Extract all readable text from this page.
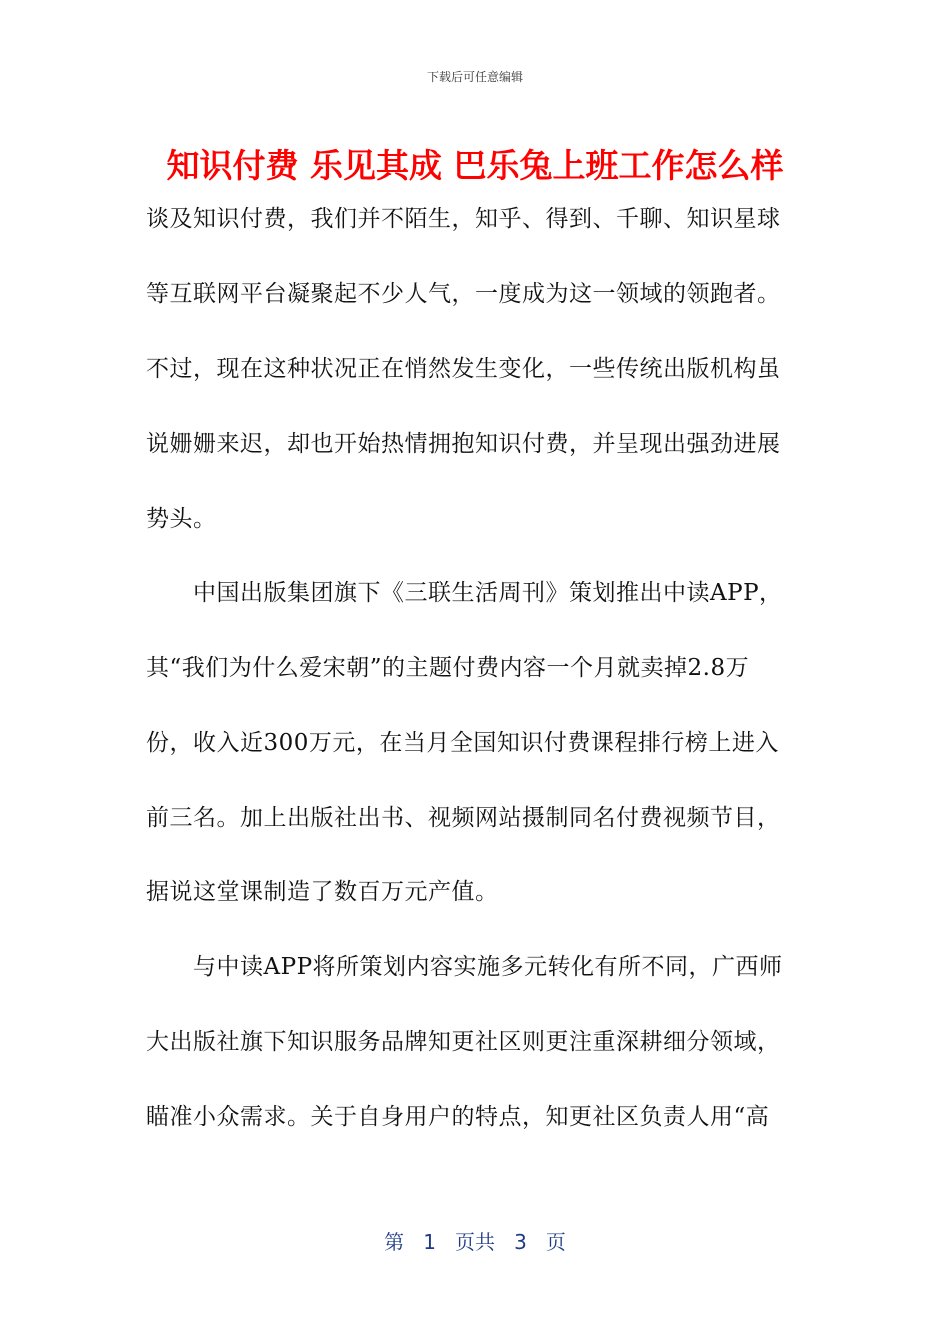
下载后可任意编辑
知识付费 乐见其成 巴乐兔上班工作怎么样
谈及知识付费，我们并不陌生，知乎、得到、千聊、知识星球
等互联网平台凝聚起不少人气，一度成为这一领域的领跑者。
不过，现在这种状况正在悄然发生变化，一些传统出版机构虽
说姗姗来迟，却也开始热情拥抱知识付费，并呈现出强劲进展
势头。
　　中国出版集团旗下《三联生活周刊》策划推出中读APP，
其“我们为什么爱宋朝”的主题付费内容一个月就卖掉2.8万
份，收入近300万元，在当月全国知识付费课程排行榜上进入
前三名。加上出版社出书、视频网站摄制同名付费视频节目，
据说这堂课制造了数百万元产值。
　　与中读APP将所策划内容实施多元转化有所不同，广西师
大出版社旗下知识服务品牌知更社区则更注重深耕细分领域，
瞄准小众需求。关于自身用户的特点，知更社区负责人用“高
第 1 页共 3 页
